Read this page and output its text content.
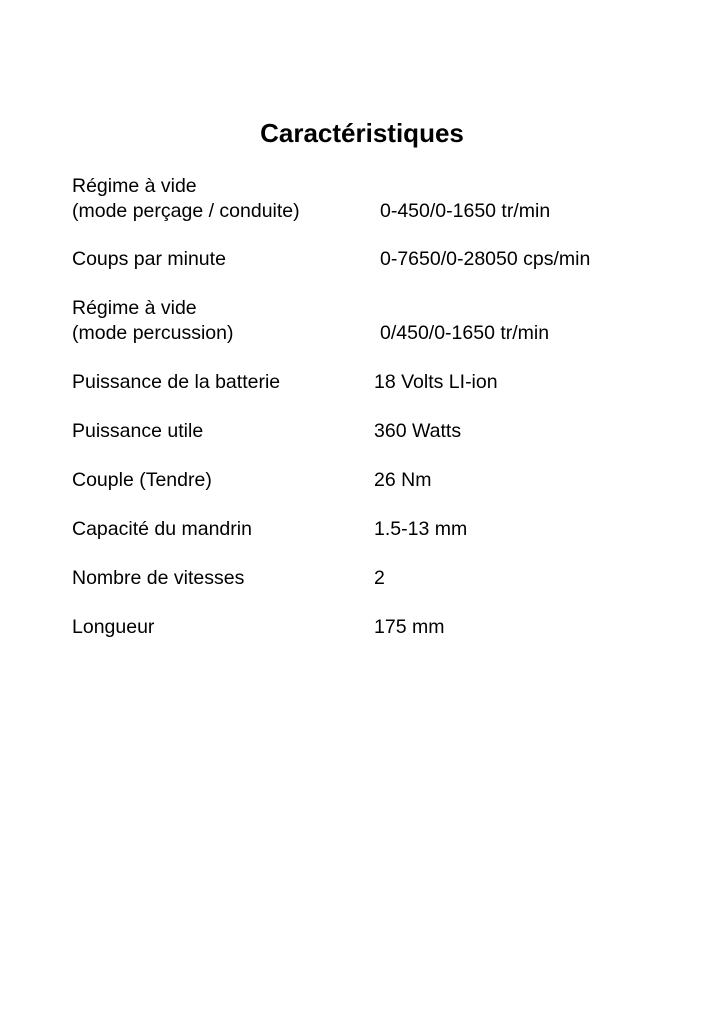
Caractéristiques
Régime à vide
(mode perçage / conduite)	0-450/0-1650 tr/min
Coups par minute	0-7650/0-28050 cps/min
Régime à vide
(mode percussion)	0/450/0-1650 tr/min
Puissance de la batterie	18 Volts LI-ion
Puissance utile	360 Watts
Couple (Tendre)	26 Nm
Capacité du mandrin	1.5-13 mm
Nombre de vitesses	2
Longueur	175 mm
